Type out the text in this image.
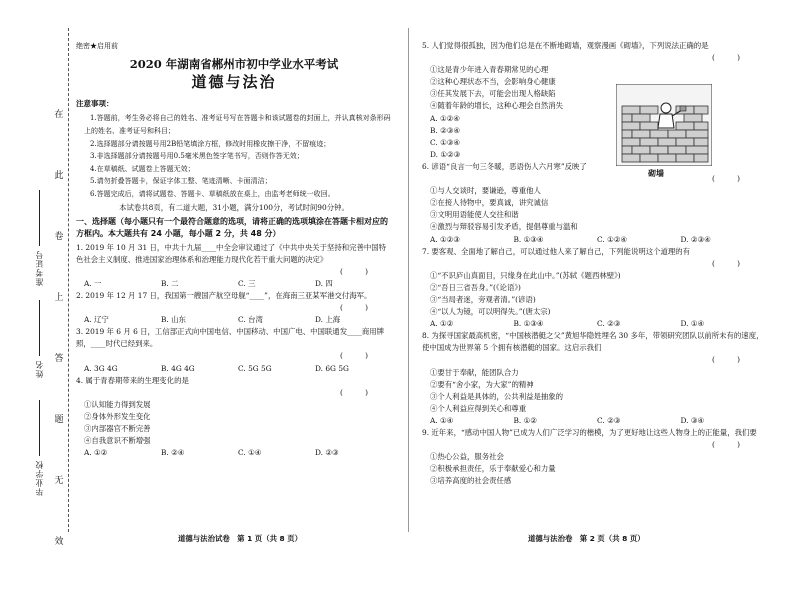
在
此
卷
上
答
题
无
效
准考证号
姓名
毕业学校
绝密★启用前
2020 年湖南省郴州市初中学业水平考试
道德与法治
注意事项：

1.答题前，考生务必将自己的姓名、准考证号写在答题卡和该试题卷的封面上，并认真核对条形码上的姓名、准考证号和科目；

2.选择题部分请按题号用2B铅笔填涂方框，修改时用橡皮擦干净，不留痕迹；

3.非选择题部分请按题号用0.5毫米黑色签字笔书写，否则作答无效；

4.在草稿纸、试题卷上答题无效；

5.请勿折叠答题卡，保证字体工整、笔迹清晰、卡面清洁；

6.答题完成后，请将试题卷、答题卡、草稿纸放在桌上，由监考老师统一收回。

本试卷共8页，有二道大题，31小题，满分100分，考试时间90分钟。
一、选择题（每小题只有一个最符合题意的选项，请将正确的选项填涂在答题卡相对应的方框内。本大题共有 24 小题，每小题 2 分，共 48 分）
1. 2019 年 10 月 31 日，中共十九届____中全会审议通过了《中共中央关于坚持和完善中国特色社会主义制度、推进国家治理体系和治理能力现代化若干重大问题的决定》
(　　　)
A. 一	B. 二	C. 三	D. 四
2. 2019 年 12 月 17 日，我国第一艘国产航空母舰“____”，在海南三亚某军港交付海军。
(　　　)
A. 辽宁	B. 山东	C. 台湾	D. 上海
3. 2019 年 6 月 6 日，工信部正式向中国电信、中国移动、中国广电、中国联通发____商用牌照，____时代已经到来。
(　　　)
A. 3G 4G	B. 4G 4G	C. 5G 5G	D. 6G 5G
4. 属于青春期带来的生理变化的是
(　　　)
①认知能力得到发展
②身体外形发生变化
③内部器官不断完善
④自我意识不断增强
A. ①②	B. ②④	C. ①④	D. ②③
5. 人们觉得很孤独，因为他们总是在不断地砌墙，观察漫画《砌墙》，下列说法正确的是
(　　　)
①这是青少年进入青春期常见的心理
②这种心理状态不当，会影响身心健康
③任其发展下去，可能会出现人格缺陷
④随着年龄的增长，这种心理会自然消失
A. ①②④
B. ②③④
C. ①③④
D. ①②③
6. 谚语“良言一句三冬暖，恶语伤人六月寒”反映了
(　　　)
①与人交谈时，要谦逊，尊重他人
②在接人待物中，要真诚，讲究诚信
③文明用语能使人交往和谐
④激烈与辩驳容易引发矛盾，提倡尊重与温和
A. ①②③	B. ①③④	C. ①②④	D. ②③④
7. 要客观、全面地了解自己，可以通过他人来了解自己，下列能说明这个道理的有
(　　　)
①“不识庐山真面目，只缘身在此山中。”(苏轼《题西林壁》)
②“吾日三省吾身。”(《论语》)
③“当局者迷，旁观者清。”(谚语)
④“以人为镜，可以明得失。”(唐太宗)
A. ①②	B. ①③④	C. ②③	D. ①④
8. 为探寻国家最高机密，“中国核潜艇之父”黄旭华隐姓埋名 30 多年，带领研究团队以前所未有的速度，使中国成为世界第 5 个拥有核潜艇的国家。这启示我们
(　　　)
①要甘于奉献，能团队合力
②要有“舍小家，为大家”的精神
③个人利益是具体的，公共利益是抽象的
④个人利益应得到关心和尊重
A. ①④	B. ①②	C. ②③	D. ③④
9. 近年来，“感动中国人物”已成为人们广泛学习的楷模，为了更好地让这些人物身上的正能量，我们要
(　　　)
①热心公益，服务社会
②积极承担责任，乐于奉献爱心和力量
③培养高度的社会责任感
砌墙
道德与法治试卷　第 1 页（共 8 页）	道德与法治卷　第 2 页（共 8 页）
